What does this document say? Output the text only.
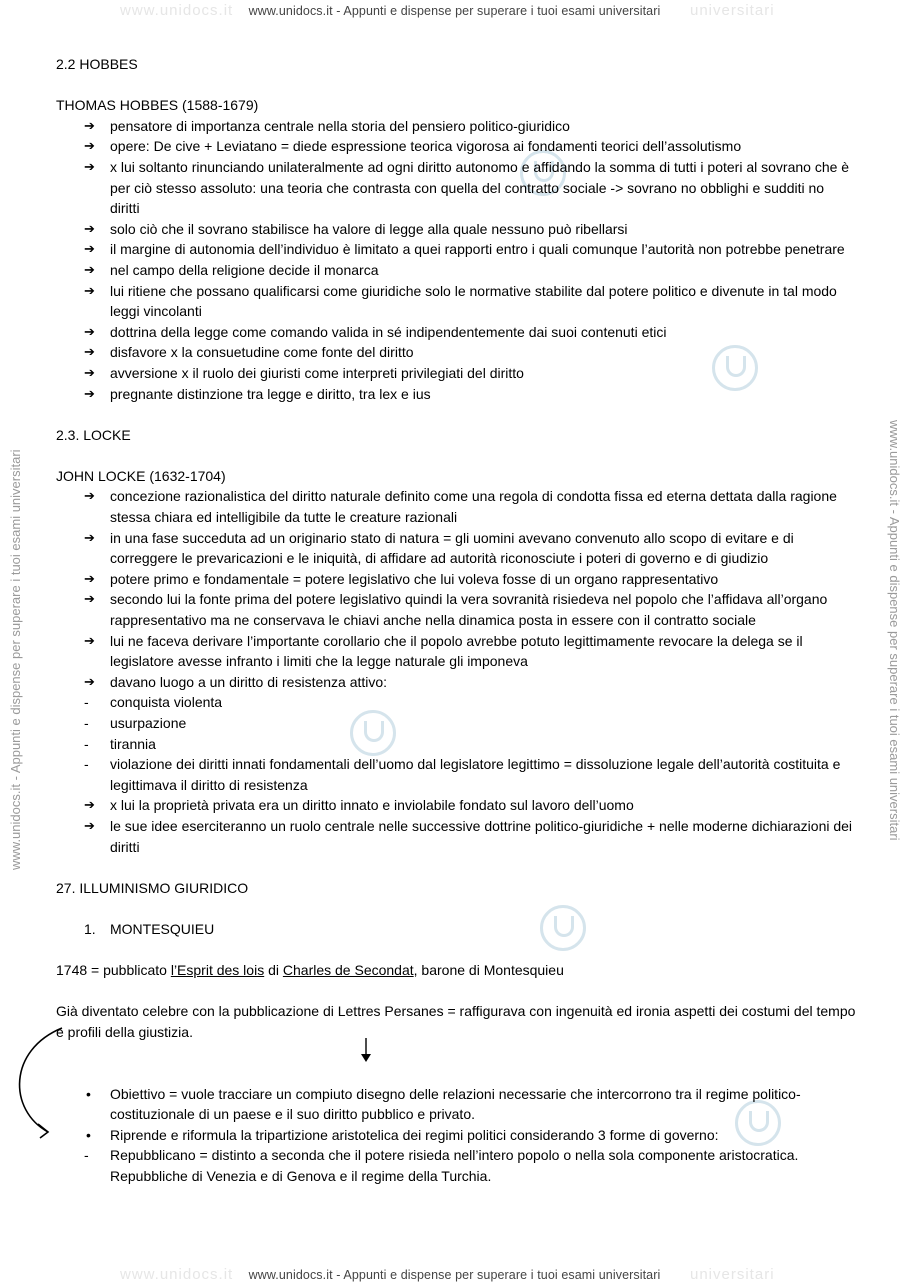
www.unidocs.it	universitari
www.unidocs.it - Appunti e dispense per superare i tuoi esami universitari
www.unidocs.it - Appunti e dispense per superare i tuoi esami universitari	www.unidocs.it - Appunti e dispense per superare i tuoi esami universitari

2.2 HOBBES

THOMAS HOBBES (1588-1679)

➔ pensatore di importanza centrale nella storia del pensiero politico-giuridico
➔ opere: De cive + Leviatano = diede espressione teorica vigorosa ai fondamenti teorici dell’assolutismo
➔ x lui soltanto rinunciando unilateralmente ad ogni diritto autonomo e affidando la somma di tutti i poteri al sovrano che è per ciò stesso assoluto: una teoria che contrasta con quella del contratto sociale -> sovrano no obblighi e sudditi no diritti
➔ solo ciò che il sovrano stabilisce ha valore di legge alla quale nessuno può ribellarsi
➔ il margine di autonomia dell’individuo è limitato a quei rapporti entro i quali comunque l’autorità non potrebbe penetrare
➔ nel campo della religione decide il monarca
➔ lui ritiene che possano qualificarsi come giuridiche solo le normative stabilite dal potere politico e divenute in tal modo leggi vincolanti
➔ dottrina della legge come comando valida in sé indipendentemente dai suoi contenuti etici
➔ disfavore x la consuetudine come fonte del diritto
➔ avversione x il ruolo dei giuristi come interpreti privilegiati del diritto
➔ pregnante distinzione tra legge e diritto, tra lex e ius

2.3. LOCKE

JOHN LOCKE (1632-1704)

➔ concezione razionalistica del diritto naturale definito come una regola di condotta fissa ed eterna dettata dalla ragione stessa chiara ed intelligibile da tutte le creature razionali
➔ in una fase succeduta ad un originario stato di natura = gli uomini avevano convenuto allo scopo di evitare e di correggere le prevaricazioni e le iniquità, di affidare ad autorità riconosciute i poteri di governo e di giudizio
➔ potere primo e fondamentale = potere legislativo che lui voleva fosse di un organo rappresentativo
➔ secondo lui la fonte prima del potere legislativo quindi la vera sovranità risiedeva nel popolo che l’affidava all’organo rappresentativo ma ne conservava le chiavi anche nella dinamica posta in essere con il contratto sociale
➔ lui ne faceva derivare l’importante corollario che il popolo avrebbe potuto legittimamente revocare la delega se il legislatore avesse infranto i limiti che la legge naturale gli imponeva
➔ davano luogo a un diritto di resistenza attivo:
- conquista violenta
- usurpazione
- tirannia
- violazione dei diritti innati fondamentali dell’uomo dal legislatore legittimo = dissoluzione legale dell’autorità costituita e legittimava il diritto di resistenza
➔ x lui la proprietà privata era un diritto innato e inviolabile fondato sul lavoro dell’uomo
➔ le sue idee eserciteranno un ruolo centrale nelle successive dottrine politico-giuridiche + nelle moderne dichiarazioni dei diritti

27. ILLUMINISMO GIURIDICO

1. MONTESQUIEU

1748 = pubblicato l’Esprit des lois di Charles de Secondat, barone di Montesquieu

Già diventato celebre con la pubblicazione di Lettres Persanes = raffigurava con ingenuità ed ironia aspetti dei costumi del tempo e profili della giustizia.

• Obiettivo = vuole tracciare un compiuto disegno delle relazioni necessarie che intercorrono tra il regime politico-costituzionale di un paese e il suo diritto pubblico e privato.
• Riprende e riformula la tripartizione aristotelica dei regimi politici considerando 3 forme di governo:
- Repubblicano = distinto a seconda che il potere risieda nell’intero popolo o nella sola componente aristocratica. Repubbliche di Venezia e di Genova e il regime della Turchia.
www.unidocs.it	universitari
www.unidocs.it - Appunti e dispense per superare i tuoi esami universitari
